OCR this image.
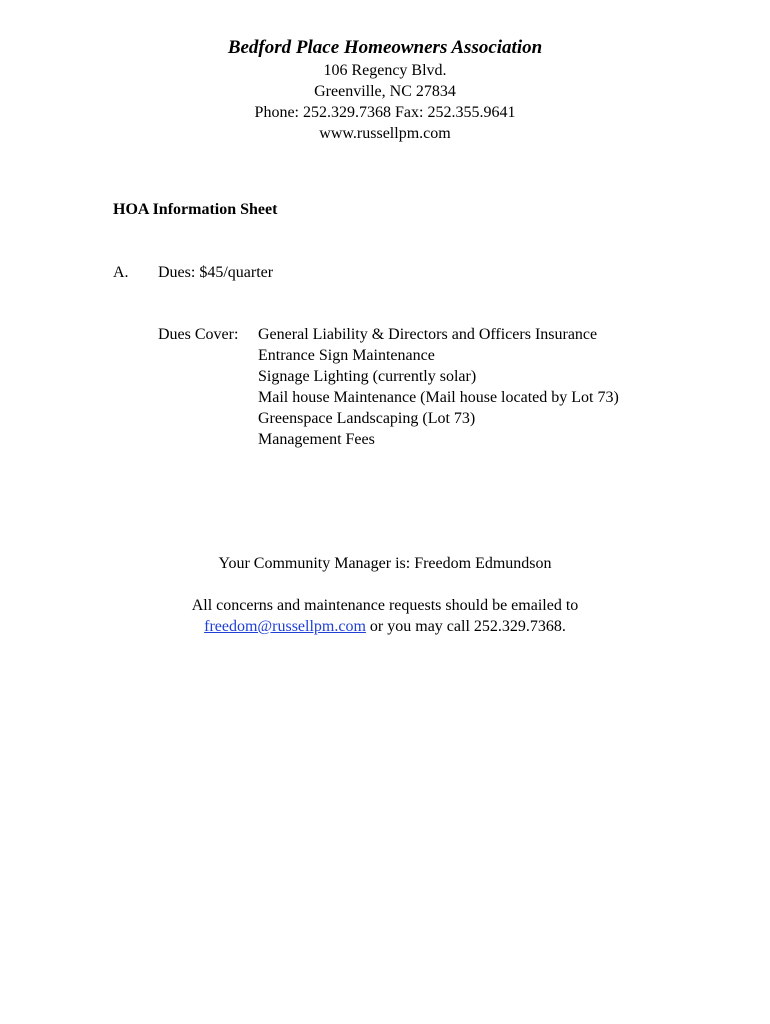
Bedford Place Homeowners Association
106 Regency Blvd.
Greenville, NC 27834
Phone: 252.329.7368 Fax: 252.355.9641
www.russellpm.com
HOA Information Sheet
A. Dues: $45/quarter
Dues Cover: General Liability & Directors and Officers Insurance
Entrance Sign Maintenance
Signage Lighting (currently solar)
Mail house Maintenance (Mail house located by Lot 73)
Greenspace Landscaping (Lot 73)
Management Fees
Your Community Manager is: Freedom Edmundson
All concerns and maintenance requests should be emailed to
freedom@russellpm.com or you may call 252.329.7368.
